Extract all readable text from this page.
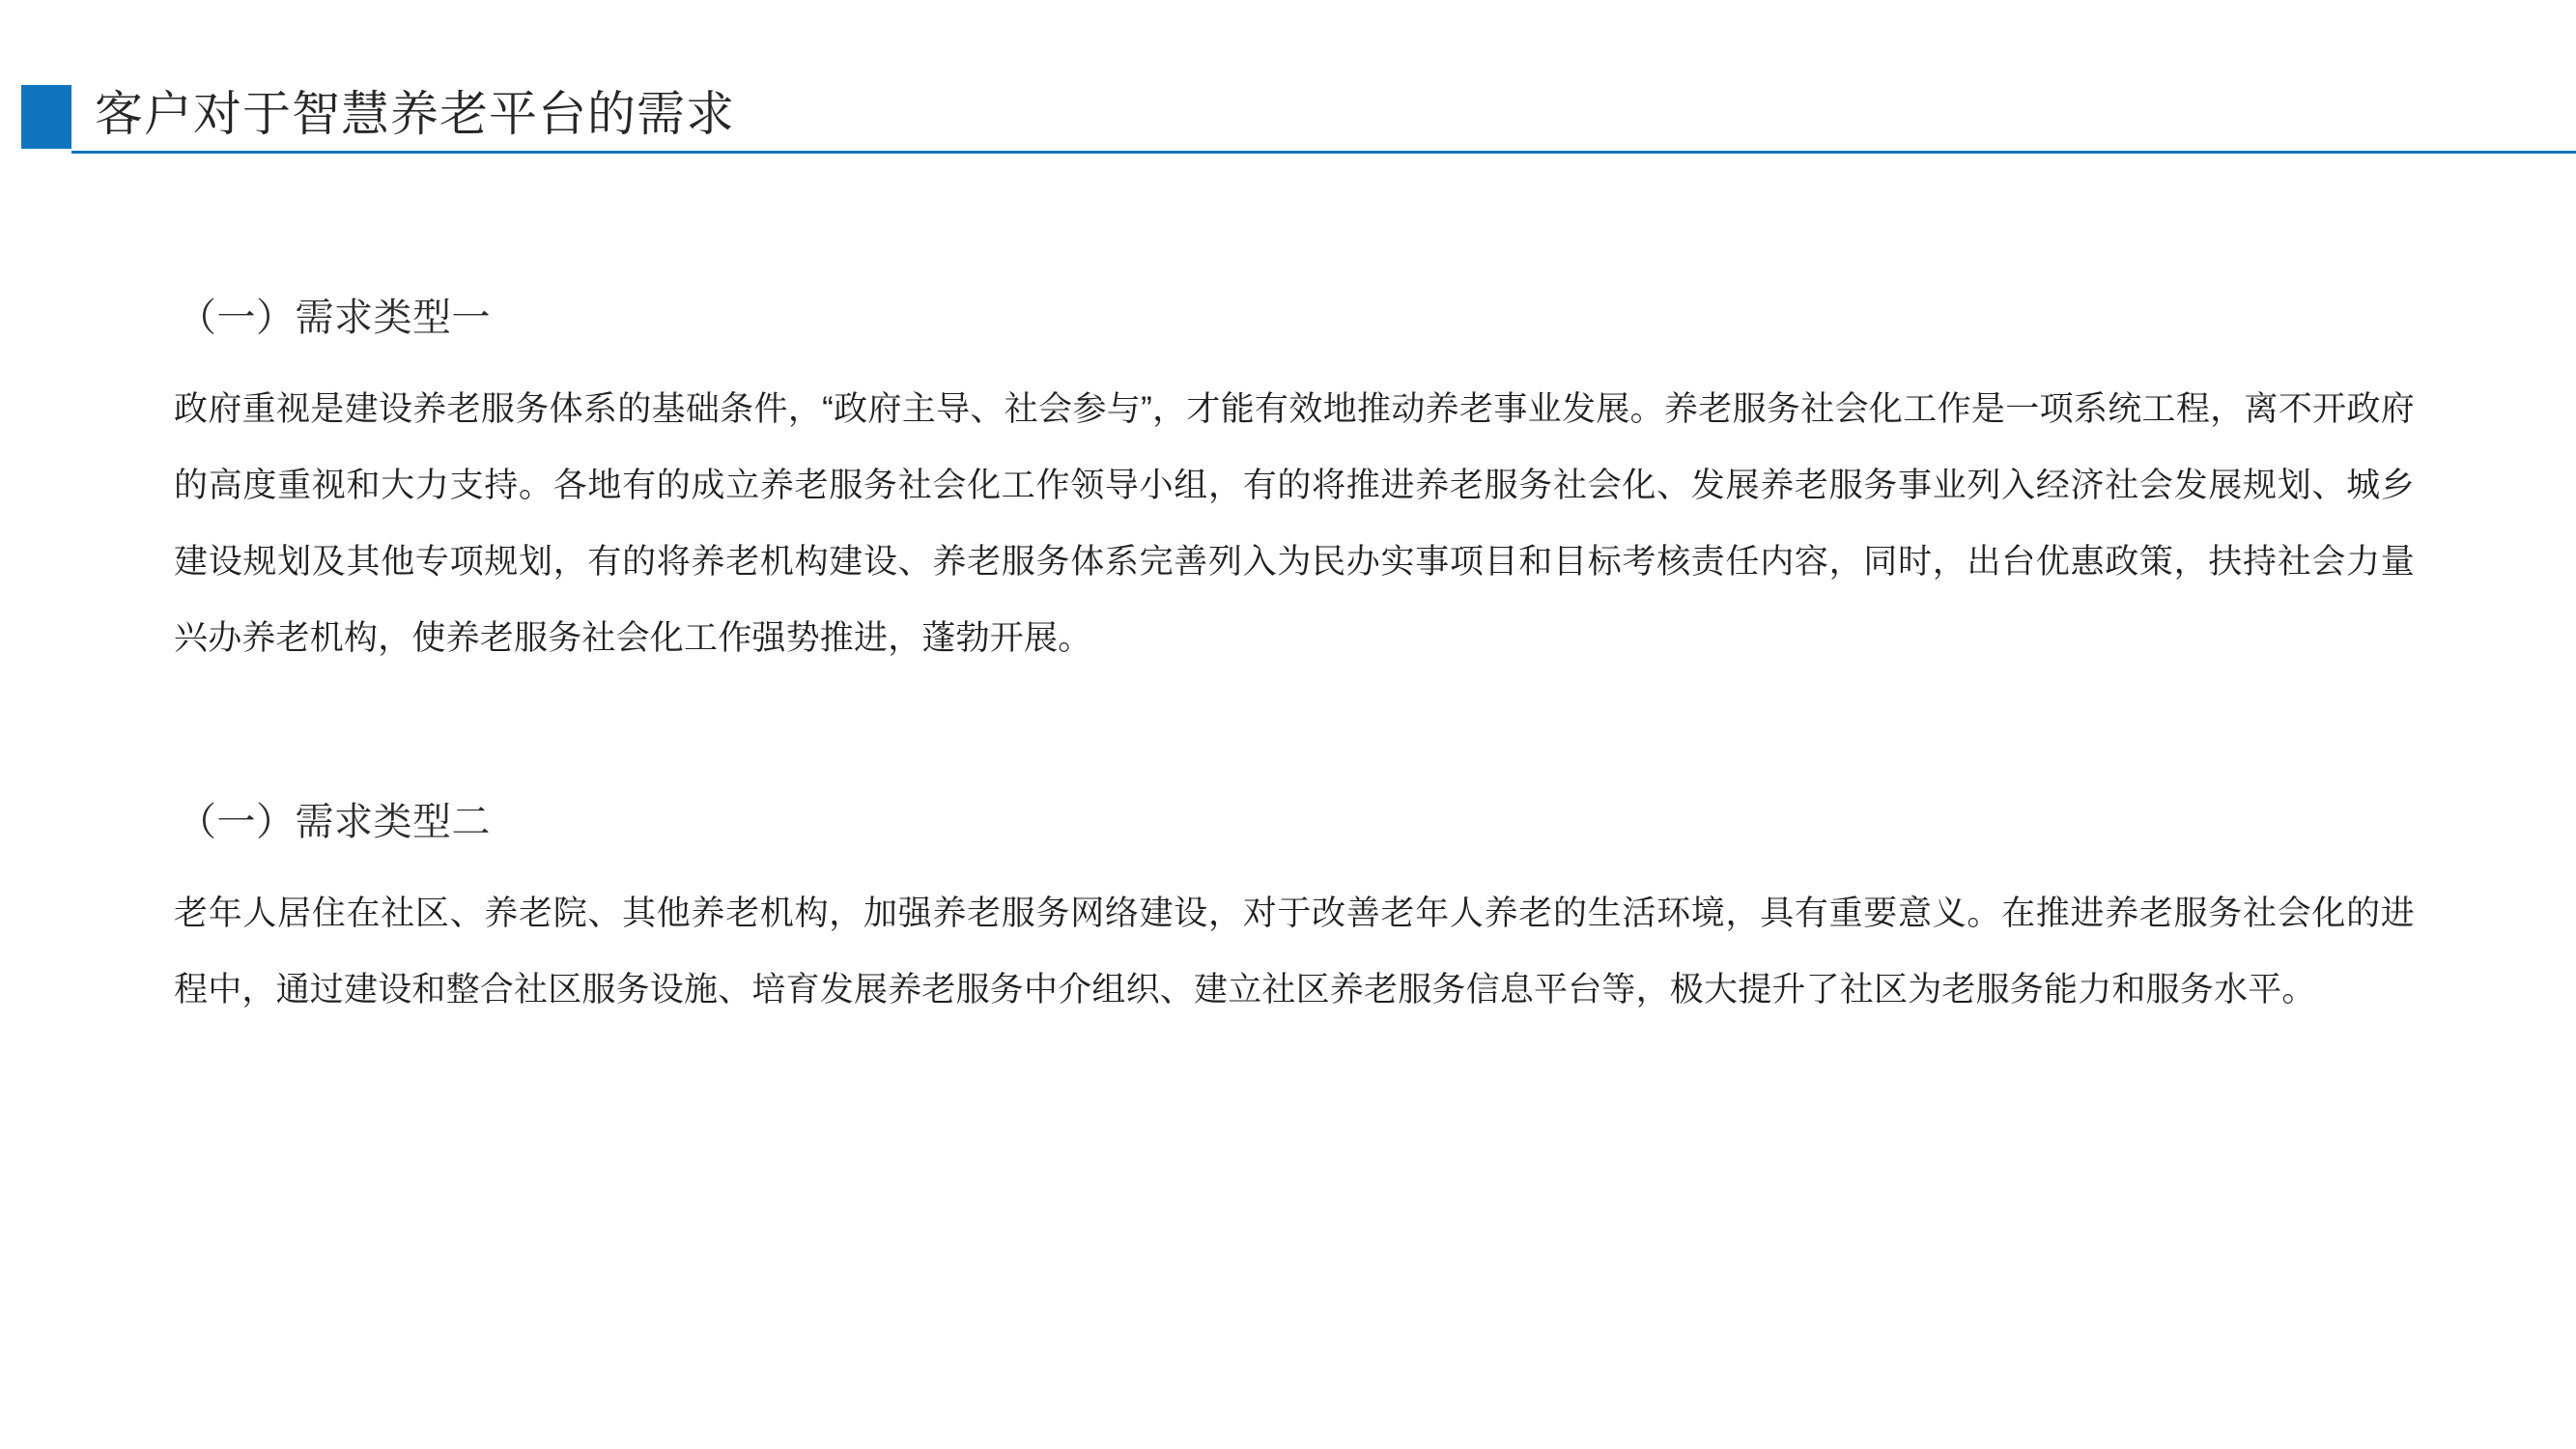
客户对于智慧养老平台的需求
（一）需求类型一

政府重视是建设养老服务体系的基础条件，“政府主导、社会参与”，才能有效地推动养老事业发展。养老服务社会化工作是一项系统工程，离不开政府的高度重视和大力支持。各地有的成立养老服务社会化工作领导小组，有的将推进养老服务社会化、发展养老服务事业列入经济社会发展规划、城乡建设规划及其他专项规划，有的将养老机构建设、养老服务体系完善列入为民办实事项目和目标考核责任内容，同时，出台优惠政策，扶持社会力量兴办养老机构，使养老服务社会化工作强势推进，蓬勃开展。

（一）需求类型二

老年人居住在社区、养老院、其他养老机构，加强养老服务网络建设，对于改善老年人养老的生活环境，具有重要意义。在推进养老服务社会化的进程中，通过建设和整合社区服务设施、培育发展养老服务中介组织、建立社区养老服务信息平台等，极大提升了社区为老服务能力和服务水平。
